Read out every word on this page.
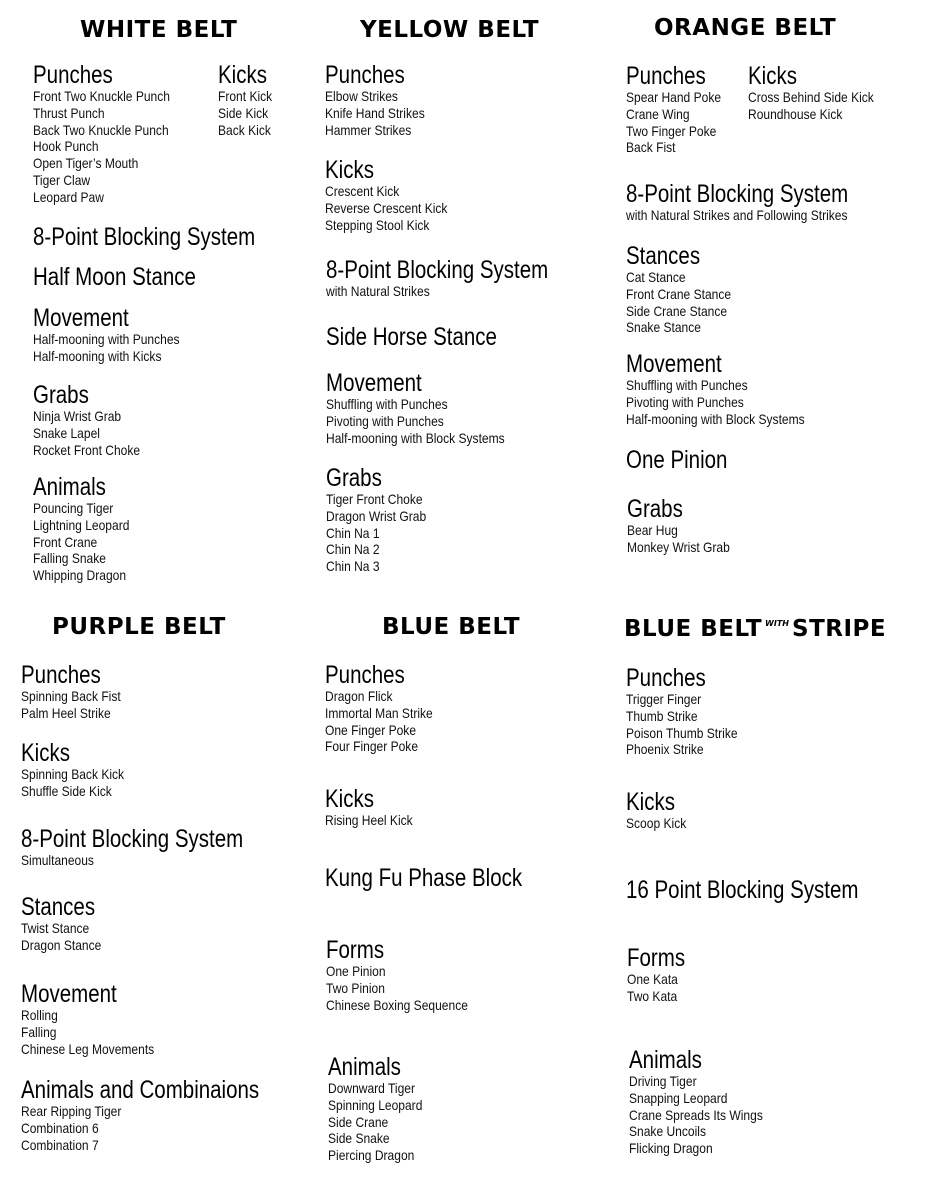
WHITE BELT
Punches
Front Two Knuckle Punch
Thrust Punch
Back Two Knuckle Punch
Hook Punch
Open Tiger’s Mouth
Tiger Claw
Leopard Paw
Kicks
Front Kick
Side Kick
Back Kick
8-Point Blocking System
Half Moon Stance
Movement
Half-mooning with Punches
Half-mooning with Kicks
Grabs
Ninja Wrist Grab
Snake Lapel
Rocket Front Choke
Animals
Pouncing Tiger
Lightning Leopard
Front Crane
Falling Snake
Whipping Dragon
YELLOW BELT
Punches
Elbow Strikes
Knife Hand Strikes
Hammer Strikes
Kicks
Crescent Kick
Reverse Crescent Kick
Stepping Stool Kick
8-Point Blocking System
with Natural Strikes
Side Horse Stance
Movement
Shuffling with Punches
Pivoting with Punches
Half-mooning with Block Systems
Grabs
Tiger Front Choke
Dragon Wrist Grab
Chin Na 1
Chin Na 2
Chin Na 3
ORANGE BELT
Punches
Spear Hand Poke
Crane Wing
Two Finger Poke
Back Fist
Kicks
Cross Behind Side Kick
Roundhouse Kick
8-Point Blocking System
with Natural Strikes and Following Strikes
Stances
Cat Stance
Front Crane Stance
Side Crane Stance
Snake Stance
Movement
Shuffling with Punches
Pivoting with Punches
Half-mooning with Block Systems
One Pinion
Grabs
Bear Hug
Monkey Wrist Grab
PURPLE BELT
Punches
Spinning Back Fist
Palm Heel Strike
Kicks
Spinning Back Kick
Shuffle Side Kick
8-Point Blocking System
Simultaneous
Stances
Twist Stance
Dragon Stance
Movement
Rolling
Falling
Chinese Leg Movements
Animals and Combinaions
Rear Ripping Tiger
Combination 6
Combination 7
BLUE BELT
Punches
Dragon Flick
Immortal Man Strike
One Finger Poke
Four Finger Poke
Kicks
Rising Heel Kick
Kung Fu Phase Block
Forms
One Pinion
Two Pinion
Chinese Boxing Sequence
Animals
Downward Tiger
Spinning Leopard
Side Crane
Side Snake
Piercing Dragon
BLUE BELT $^{WITH}$ STRIPE
Punches
Trigger Finger
Thumb Strike
Poison Thumb Strike
Phoenix Strike
Kicks
Scoop Kick
16 Point Blocking System
Forms
One Kata
Two Kata
Animals
Driving Tiger
Snapping Leopard
Crane Spreads Its Wings
Snake Uncoils
Flicking Dragon
